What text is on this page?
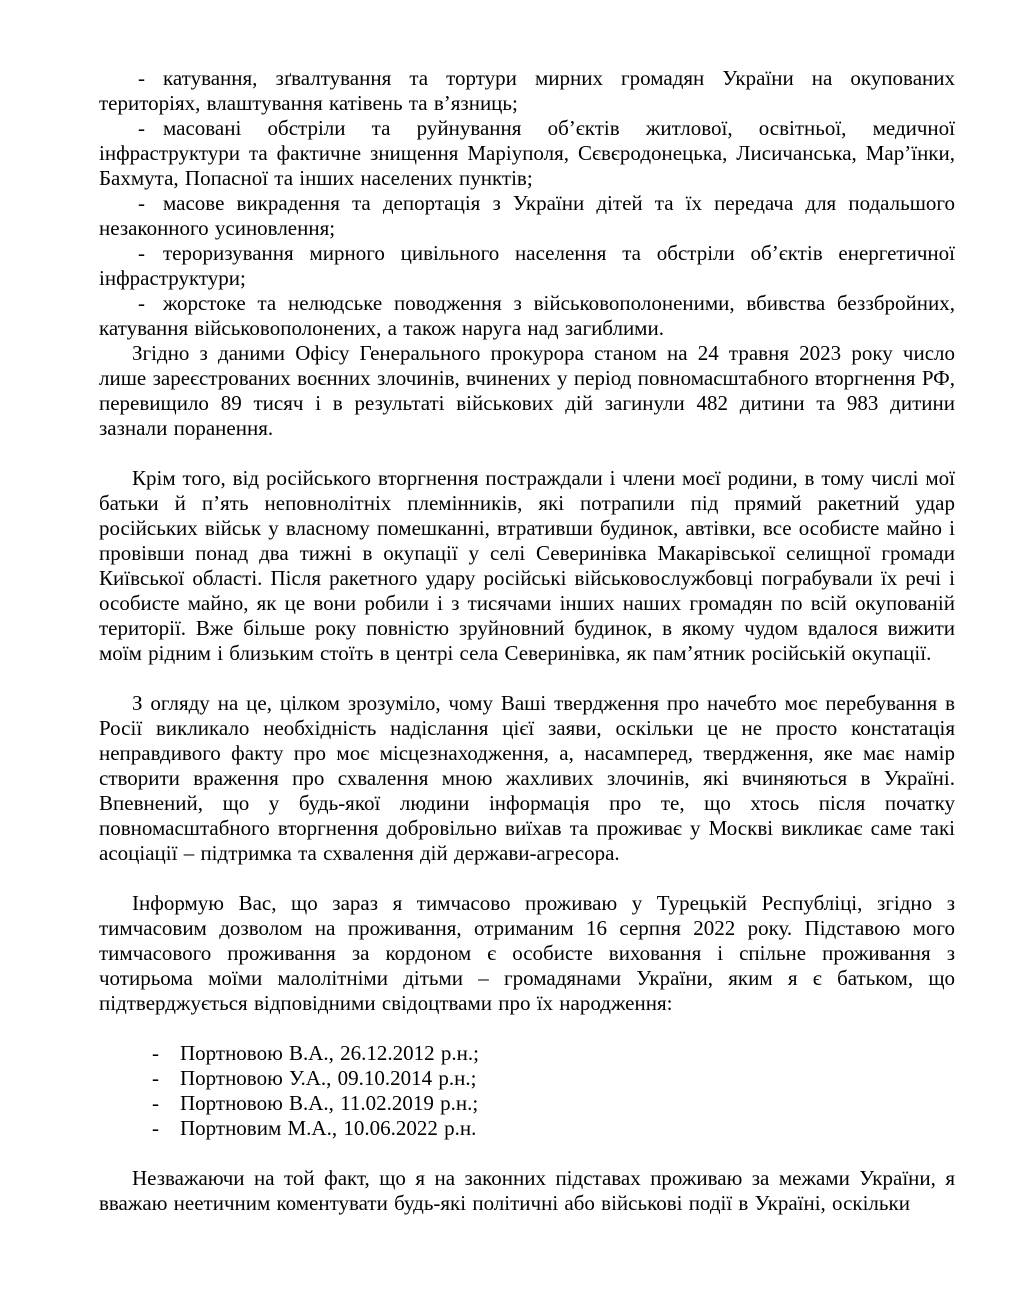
- катування, зґвалтування та тортури мирних громадян України на окупованих територіях, влаштування катівень та в’язниць;

- масовані обстріли та руйнування об’єктів житлової, освітньої, медичної інфраструктури та фактичне знищення Маріуполя, Сєвєродонецька, Лисичанська, Мар’їнки, Бахмута, Попасної та інших населених пунктів;

- масове викрадення та депортація з України дітей та їх передача для подальшого незаконного усиновлення;

- тероризування мирного цивільного населення та обстріли об’єктів енергетичної інфраструктури;

- жорстоке та нелюдське поводження з військовополоненими, вбивства беззбройних, катування військовополонених, а також наруга над загиблими.

Згідно з даними Офісу Генерального прокурора станом на 24 травня 2023 року число лише зареєстрованих воєнних злочинів, вчинених у період повномасштабного вторгнення РФ, перевищило 89 тисяч і в результаті військових дій загинули 482 дитини та 983 дитини зазнали поранення.

Крім того, від російського вторгнення постраждали і члени моєї родини, в тому числі мої батьки й п’ять неповнолітніх племінників, які потрапили під прямий ракетний удар російських військ у власному помешканні, втративши будинок, автівки, все особисте майно і провівши понад два тижні в окупації у селі Северинівка Макарівської селищної громади Київської області. Після ракетного удару російські військовослужбовці пограбували їх речі і особисте майно, як це вони робили і з тисячами інших наших громадян по всій окупованій території. Вже більше року повністю зруйновний будинок, в якому чудом вдалося вижити моїм рідним і близьким стоїть в центрі села Северинівка, як пам’ятник російській окупації.

З огляду на це, цілком зрозуміло, чому Ваші твердження про начебто моє перебування в Росії викликало необхідність надіслання цієї заяви, оскільки це не просто констатація неправдивого факту про моє місцезнаходження, а, насамперед, твердження, яке має намір створити враження про схвалення мною жахливих злочинів, які вчиняються в Україні. Впевнений, що у будь-якої людини інформація про те, що хтось після початку повномасштабного вторгнення добровільно виїхав та проживає у Москві викликає саме такі асоціації – підтримка та схвалення дій держави-агресора.

Інформую Вас, що зараз я тимчасово проживаю у Турецькій Республіці, згідно з тимчасовим дозволом на проживання, отриманим 16 серпня 2022 року. Підставою мого тимчасового проживання за кордоном є особисте виховання і спільне проживання з чотирьома моїми малолітніми дітьми – громадянами України, яким я є батьком, що підтверджується відповідними свідоцтвами про їх народження:

- Портновою В.А., 26.12.2012 р.н.;

- Портновою У.А., 09.10.2014 р.н.;

- Портновою В.А., 11.02.2019 р.н.;

- Портновим М.А., 10.06.2022 р.н.

Незважаючи на той факт, що я на законних підставах проживаю за межами України, я вважаю неетичним коментувати будь-які політичні або військові події в Україні, оскільки
